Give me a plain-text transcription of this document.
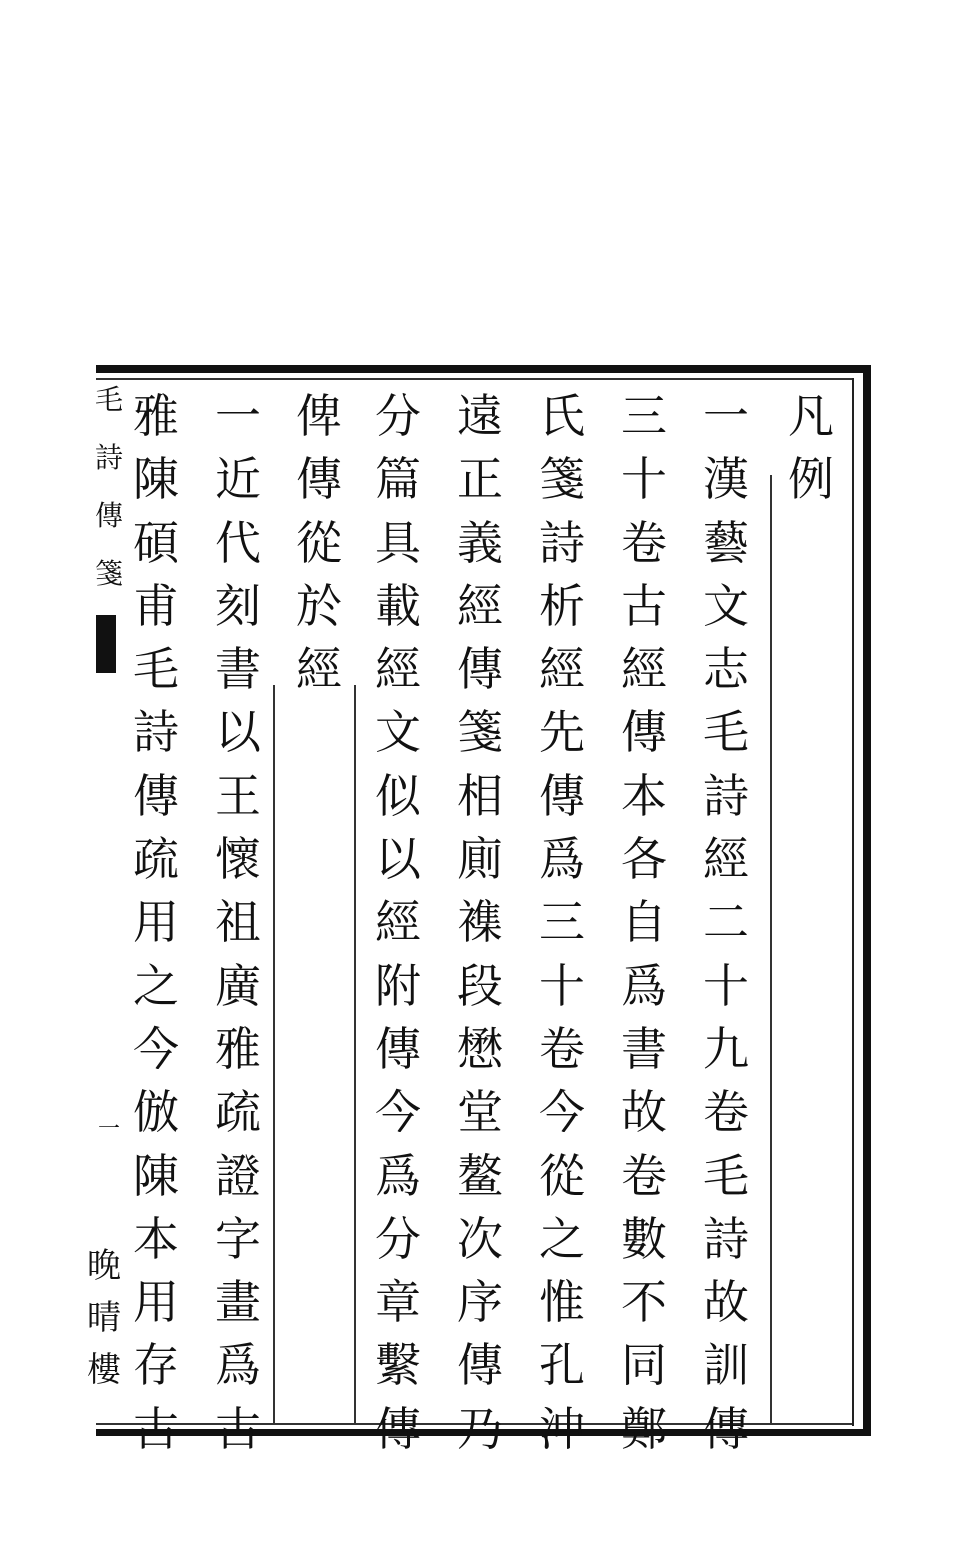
凡
例
一
漢
藝
文
志
毛
詩
經
二
十
九
卷
毛
詩
故
訓
傳
三
十
卷
古
經
傳
本
各
自
爲
書
故
卷
數
不
同
鄭
氏
箋
詩
析
經
先
傳
爲
三
十
卷
今
從
之
惟
孔
沖
遠
正
義
經
傳
箋
相
廁
襍
段
懋
堂
鳌
次
序
傳
乃
分
篇
具
載
經
文
似
以
經
附
傳
今
爲
分
章
繫
傳
俾
傳
從
於
經
一
近
代
刻
書
以
王
懷
祖
廣
雅
疏
證
字
畫
爲
古
雅
陳
碩
甫
毛
詩
傳
疏
用
之
今
倣
陳
本
用
存
古
毛
詩
傳
箋
一
晚
晴
樓
